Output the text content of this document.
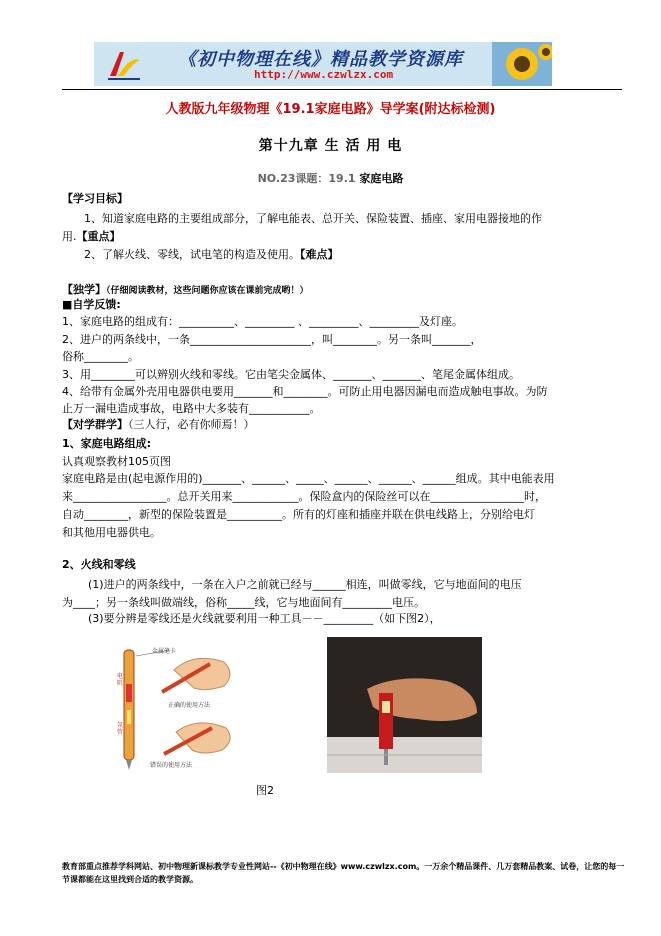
《初中物理在线》精品教学资源库
http://www.czwlzx.com
人教版九年级物理《19.1家庭电路》导学案(附达标检测)
第十九章 生 活 用 电
NO.23课题：19.1 家庭电路
【学习目标】
1、知道家庭电路的主要组成部分，了解电能表、总开关、保险装置、插座、家用电器接地的作
用.【重点】
2、了解火线、零线，试电笔的构造及使用。【难点】
【独学】（仔细阅读教材，这些问题你应该在课前完成哟！）
■自学反馈:
1、家庭电路的组成有：__________、_________ 、_________、_________及灯座。
2、进户的两条线中，一条______________________，叫________。另一条叫_______，
俗称________。
3、用________可以辨别火线和零线。它由笔尖金属体、_______、_______、笔尾金属体组成。
4、给带有金属外壳用电器供电要用_______和________。可防止用电器因漏电而造成触电事故。为防
止万一漏电造成事故，电路中大多装有___________。
【对学群学】（三人行，必有你师焉！）
1、家庭电路组成:
认真观察教材105页图
家庭电路是由(起电源作用的)_______、______、_____、______、______、______组成。其中电能表用
来_________________。总开关用来____________。保险盒内的保险丝可以在_________________时，
自动________，新型的保险装置是__________。所有的灯座和插座并联在供电线路上，分别给电灯
和其他用电器供电。
2、火线和零线
(1)进户的两条线中，一条在入户之前就已经与______相连，叫做零线，它与地面间的电压
为____；另一条线叫做端线，俗称_____线，它与地面间有_________电压。
(3)要分辨是零线还是火线就要利用一种工具－－_________（如下图2），
金属笔卡
电阻
氖管
正确的使用方法
错误的使用方法
图2
教育部重点推荐学科网站、初中物理新课标教学专业性网站--《初中物理在线》www.czwlzx.com。一万余个精品课件、几万套精品教案、试卷，让您的每一节课都能在这里找到合适的教学资源。
